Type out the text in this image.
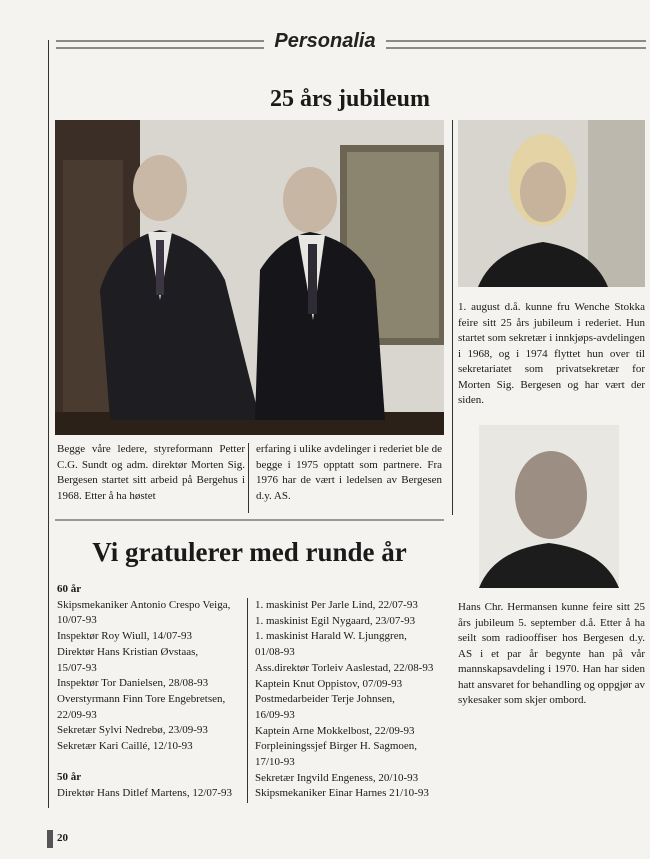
Personalia
25 års jubileum
Begge våre ledere, styreformann Petter C.G. Sundt og adm. direktør Morten Sig. Bergesen startet sitt arbeid på Bergehus i 1968. Etter å ha høstet
erfaring i ulike avdelinger i rederiet ble de begge i 1975 opptatt som partnere. Fra 1976 har de vært i ledelsen av Bergesen d.y. AS.
1. august d.å. kunne fru Wenche Stokka feire sitt 25 års jubileum i rederiet. Hun startet som sekretær i innkjøps-avdelingen i 1968, og i 1974 flyttet hun over til sekretariatet som privatsekretær for Morten Sig. Bergesen og har vært der siden.
Hans Chr. Hermansen kunne feire sitt 25 års jubileum 5. september d.å. Etter å ha seilt som radiooffiser hos Bergesen d.y. AS i et par år begynte han på vår mannskapsavdeling i 1970. Han har siden hatt ansvaret for behandling og oppgjør av sykesaker som skjer ombord.
Vi gratulerer med runde år
60 år
Skipsmekaniker Antonio Crespo Veiga,
10/07-93
Inspektør Roy Wiull, 14/07-93
Direktør Hans Kristian Øvstaas,
15/07-93
Inspektør Tor Danielsen, 28/08-93
Overstyrmann Finn Tore Engebretsen,
22/09-93
Sekretær Sylvi Nedrebø, 23/09-93
Sekretær Kari Caillé, 12/10-93
50 år
Direktør Hans Ditlef Martens, 12/07-93
1. maskinist Per Jarle Lind, 22/07-93
1. maskinist Egil Nygaard, 23/07-93
1. maskinist Harald W. Ljunggren,
01/08-93
Ass.direktør Torleiv Aaslestad, 22/08-93
Kaptein Knut Oppistov, 07/09-93
Postmedarbeider Terje Johnsen,
16/09-93
Kaptein Arne Mokkelbost, 22/09-93
Forpleiningssjef Birger H. Sagmoen,
17/10-93
Sekretær Ingvild Engeness, 20/10-93
Skipsmekaniker Einar Harnes 21/10-93
20
